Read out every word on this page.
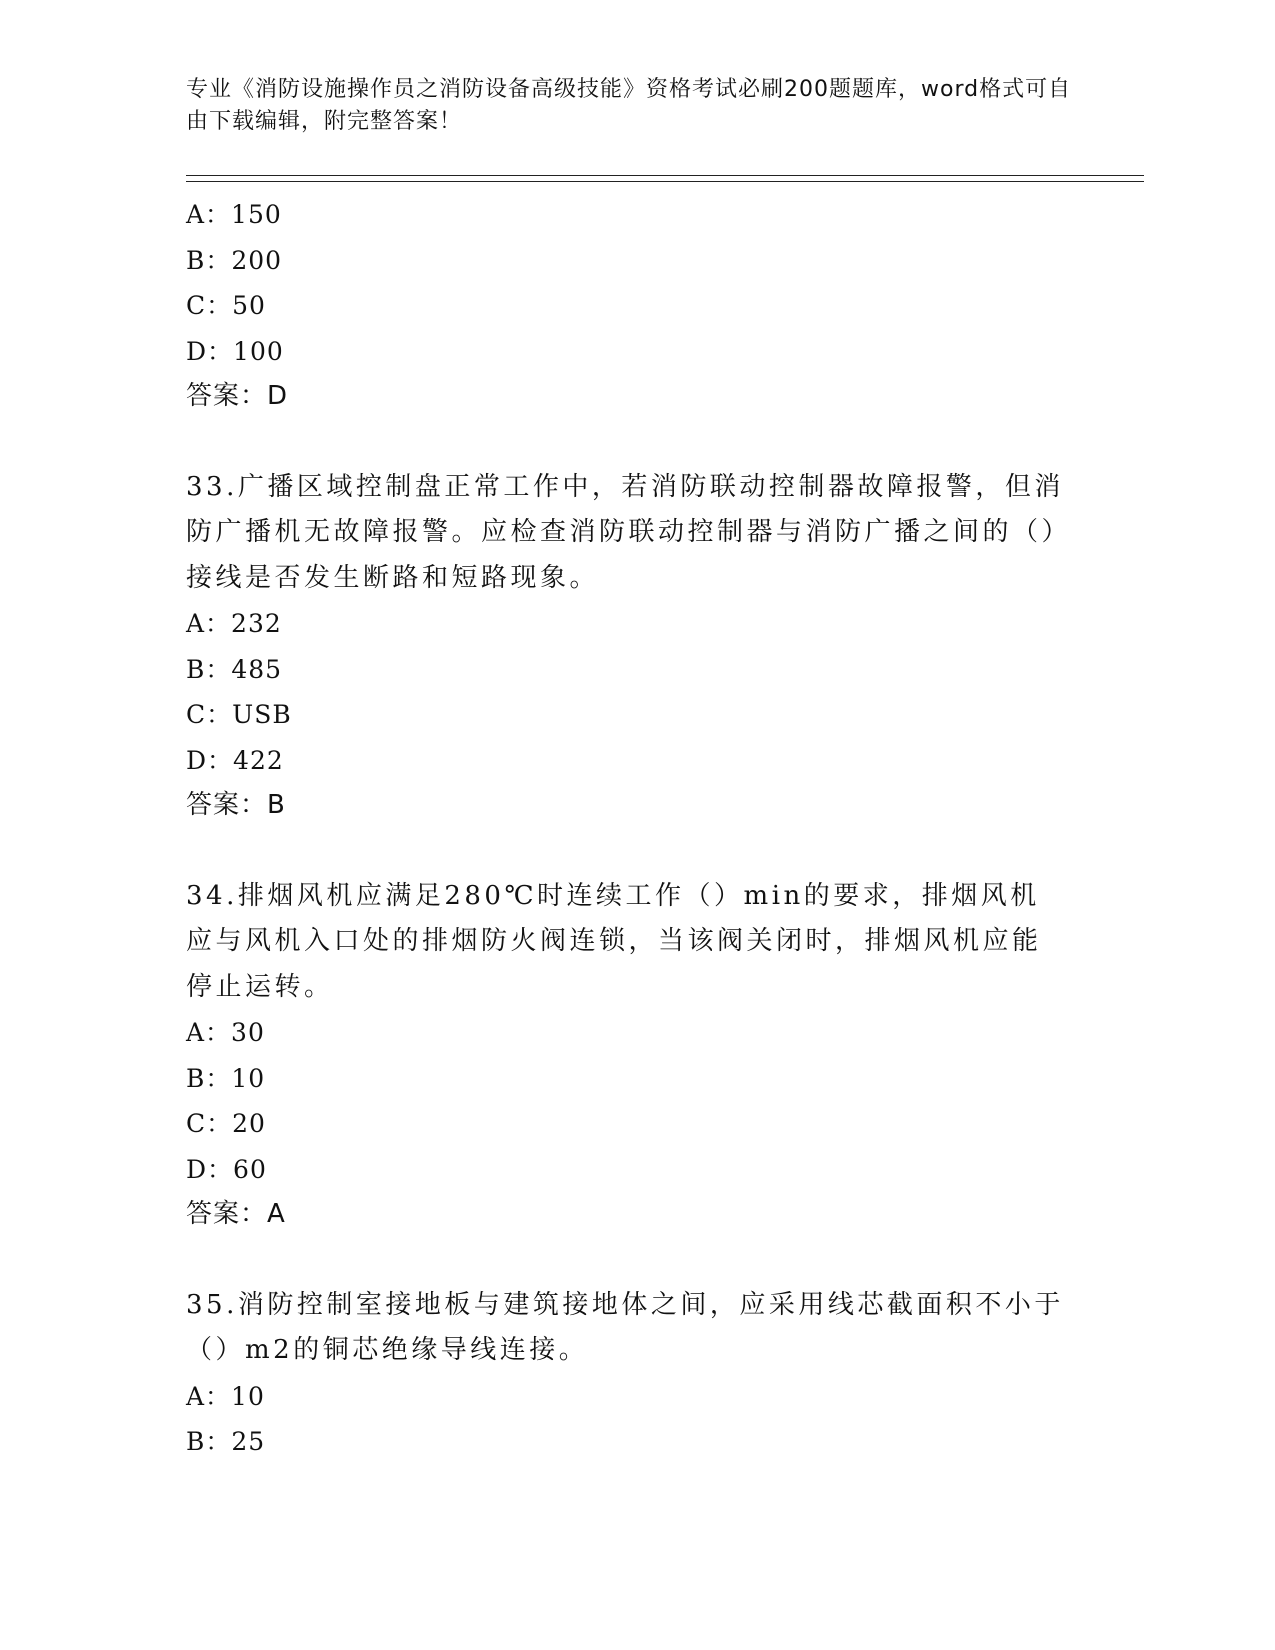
专业《消防设施操作员之消防设备高级技能》资格考试必刷200题题库，word格式可自由下载编辑，附完整答案！
A：150
B：200
C：50
D：100
答案：D
33.广播区域控制盘正常工作中，若消防联动控制器故障报警，但消防广播机无故障报警。应检查消防联动控制器与消防广播之间的（）接线是否发生断路和短路现象。
A：232
B：485
C：USB
D：422
答案：B
34.排烟风机应满足280℃时连续工作（）min的要求，排烟风机应与风机入口处的排烟防火阀连锁，当该阀关闭时，排烟风机应能停止运转。
A：30
B：10
C：20
D：60
答案：A
35.消防控制室接地板与建筑接地体之间，应采用线芯截面积不小于（）m2的铜芯绝缘导线连接。
A：10
B：25
